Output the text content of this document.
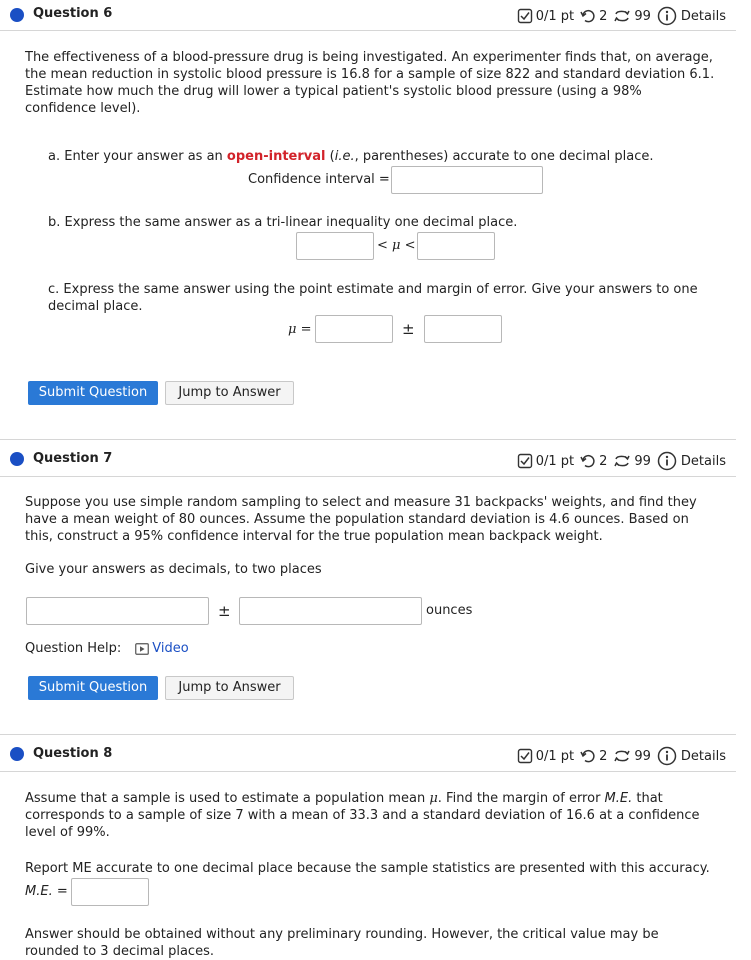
Question 6	0/1 pt 2 99 Details
The effectiveness of a blood-pressure drug is being investigated. An experimenter finds that, on average, the mean reduction in systolic blood pressure is 16.8 for a sample of size 822 and standard deviation 6.1. Estimate how much the drug will lower a typical patient's systolic blood pressure (using a 98% confidence level).
a. Enter your answer as an open-interval (i.e., parentheses) accurate to one decimal place.
Confidence interval =
b. Express the same answer as a tri-linear inequality one decimal place.
< μ <
c. Express the same answer using the point estimate and margin of error. Give your answers to one decimal place.
μ =	±
Submit Question	Jump to Answer
Question 7	0/1 pt 2 99 Details
Suppose you use simple random sampling to select and measure 31 backpacks' weights, and find they have a mean weight of 80 ounces. Assume the population standard deviation is 4.6 ounces. Based on this, construct a 95% confidence interval for the true population mean backpack weight.
Give your answers as decimals, to two places
±	ounces
Question Help: Video
Submit Question	Jump to Answer
Question 8	0/1 pt 2 99 Details
Assume that a sample is used to estimate a population mean μ. Find the margin of error M.E. that corresponds to a sample of size 7 with a mean of 33.3 and a standard deviation of 16.6 at a confidence level of 99%.
Report ME accurate to one decimal place because the sample statistics are presented with this accuracy.
M.E. =
Answer should be obtained without any preliminary rounding. However, the critical value may be rounded to 3 decimal places.
